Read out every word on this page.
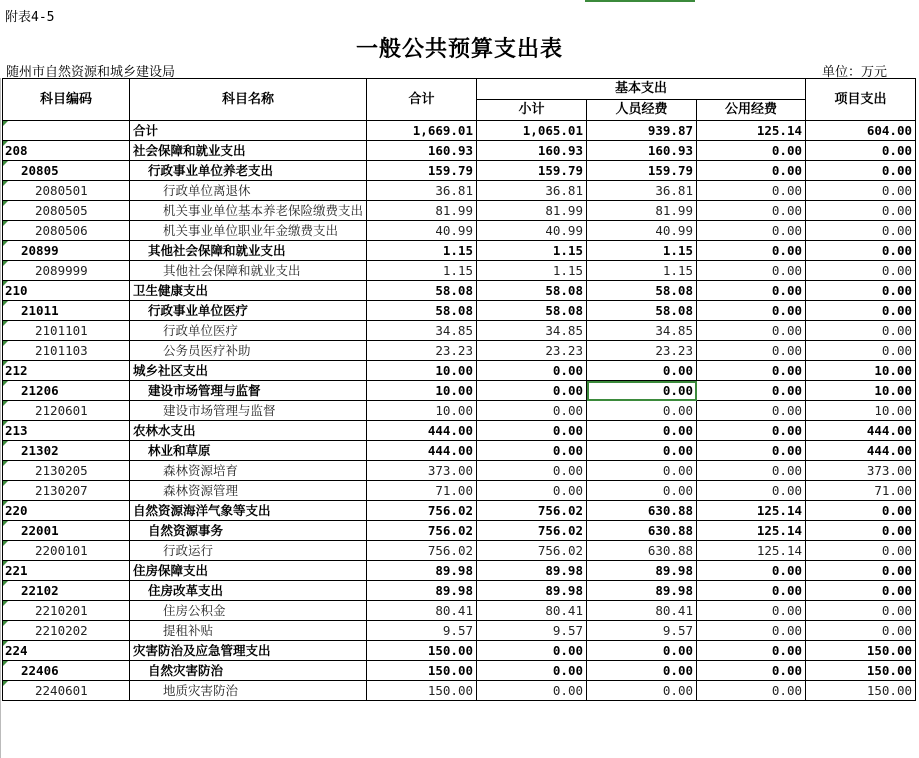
附表4-5
一般公共预算支出表
随州市自然资源和城乡建设局	单位：万元
科目编码	科目名称	合计	基本支出			项目支出
			小计	人员经费	公用经费	

	合计	1,669.01	1,065.01	939.87	125.14	604.00

208	社会保障和就业支出	160.93	160.93	160.93	0.00	0.00

20805	行政事业单位养老支出	159.79	159.79	159.79	0.00	0.00

2080501	行政单位离退休	36.81	36.81	36.81	0.00	0.00

2080505	机关事业单位基本养老保险缴费支出	81.99	81.99	81.99	0.00	0.00

2080506	机关事业单位职业年金缴费支出	40.99	40.99	40.99	0.00	0.00

20899	其他社会保障和就业支出	1.15	1.15	1.15	0.00	0.00

2089999	其他社会保障和就业支出	1.15	1.15	1.15	0.00	0.00

210	卫生健康支出	58.08	58.08	58.08	0.00	0.00

21011	行政事业单位医疗	58.08	58.08	58.08	0.00	0.00

2101101	行政单位医疗	34.85	34.85	34.85	0.00	0.00

2101103	公务员医疗补助	23.23	23.23	23.23	0.00	0.00

212	城乡社区支出	10.00	0.00	0.00	0.00	10.00

21206	建设市场管理与监督	10.00	0.00	0.00	0.00	10.00

2120601	建设市场管理与监督	10.00	0.00	0.00	0.00	10.00

213	农林水支出	444.00	0.00	0.00	0.00	444.00

21302	林业和草原	444.00	0.00	0.00	0.00	444.00

2130205	森林资源培育	373.00	0.00	0.00	0.00	373.00

2130207	森林资源管理	71.00	0.00	0.00	0.00	71.00

220	自然资源海洋气象等支出	756.02	756.02	630.88	125.14	0.00

22001	自然资源事务	756.02	756.02	630.88	125.14	0.00

2200101	行政运行	756.02	756.02	630.88	125.14	0.00

221	住房保障支出	89.98	89.98	89.98	0.00	0.00

22102	住房改革支出	89.98	89.98	89.98	0.00	0.00

2210201	住房公积金	80.41	80.41	80.41	0.00	0.00

2210202	提租补贴	9.57	9.57	9.57	0.00	0.00

224	灾害防治及应急管理支出	150.00	0.00	0.00	0.00	150.00

22406	自然灾害防治	150.00	0.00	0.00	0.00	150.00

2240601	地质灾害防治	150.00	0.00	0.00	0.00	150.00
